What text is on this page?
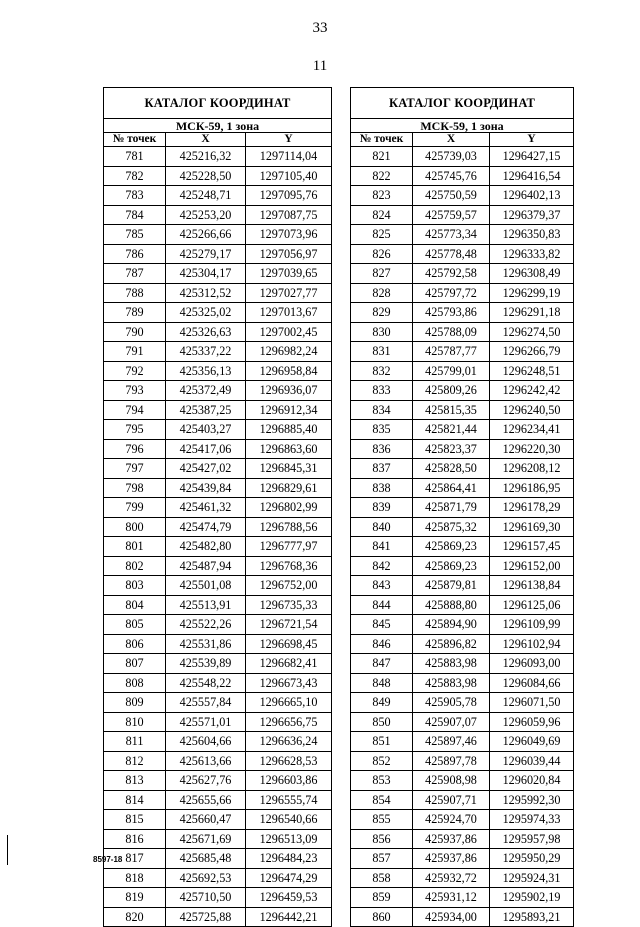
33
11
КАТАЛОГ КООРДИНАТ		
МСК-59, 1 зона		
№ точек	X	Y
781	425216,32	1297114,04
782	425228,50	1297105,40
783	425248,71	1297095,76
784	425253,20	1297087,75
785	425266,66	1297073,96
786	425279,17	1297056,97
787	425304,17	1297039,65
788	425312,52	1297027,77
789	425325,02	1297013,67
790	425326,63	1297002,45
791	425337,22	1296982,24
792	425356,13	1296958,84
793	425372,49	1296936,07
794	425387,25	1296912,34
795	425403,27	1296885,40
796	425417,06	1296863,60
797	425427,02	1296845,31
798	425439,84	1296829,61
799	425461,32	1296802,99
800	425474,79	1296788,56
801	425482,80	1296777,97
802	425487,94	1296768,36
803	425501,08	1296752,00
804	425513,91	1296735,33
805	425522,26	1296721,54
806	425531,86	1296698,45
807	425539,89	1296682,41
808	425548,22	1296673,43
809	425557,84	1296665,10
810	425571,01	1296656,75
811	425604,66	1296636,24
812	425613,66	1296628,53
813	425627,76	1296603,86
814	425655,66	1296555,74
815	425660,47	1296540,66
816	425671,69	1296513,09
817	425685,48	1296484,23
818	425692,53	1296474,29
819	425710,50	1296459,53
820	425725,88	1296442,21
КАТАЛОГ КООРДИНАТ		
МСК-59, 1 зона		
№ точек	X	Y
821	425739,03	1296427,15
822	425745,76	1296416,54
823	425750,59	1296402,13
824	425759,57	1296379,37
825	425773,34	1296350,83
826	425778,48	1296333,82
827	425792,58	1296308,49
828	425797,72	1296299,19
829	425793,86	1296291,18
830	425788,09	1296274,50
831	425787,77	1296266,79
832	425799,01	1296248,51
833	425809,26	1296242,42
834	425815,35	1296240,50
835	425821,44	1296234,41
836	425823,37	1296220,30
837	425828,50	1296208,12
838	425864,41	1296186,95
839	425871,79	1296178,29
840	425875,32	1296169,30
841	425869,23	1296157,45
842	425869,23	1296152,00
843	425879,81	1296138,84
844	425888,80	1296125,06
845	425894,90	1296109,99
846	425896,82	1296102,94
847	425883,98	1296093,00
848	425883,98	1296084,66
849	425905,78	1296071,50
850	425907,07	1296059,96
851	425897,46	1296049,69
852	425897,78	1296039,44
853	425908,98	1296020,84
854	425907,71	1295992,30
855	425924,70	1295974,33
856	425937,86	1295957,98
857	425937,86	1295950,29
858	425932,72	1295924,31
859	425931,12	1295902,19
860	425934,00	1295893,21
8597-18
